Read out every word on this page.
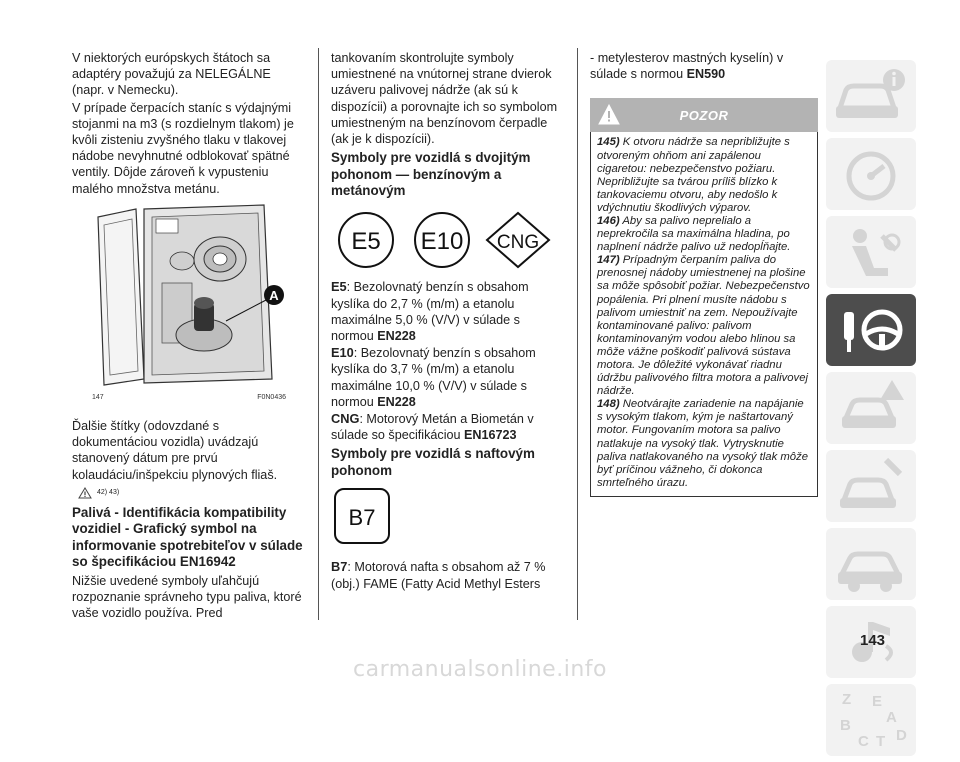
V niektorých európskych štátoch sa adaptéry považujú za NELEGÁLNE (napr. v Nemecku).

V prípade čerpacích staníc s výdajnými stojanmi na m3 (s rozdielnym tlakom) je kvôli zisteniu zvyšného tlaku v tlakovej nádobe nevyhnutné odblokovať spätné ventily. Dôjde zároveň k vypusteniu malého množstva metánu.

A
147	F0N0436

Ďalšie štítky (odovzdané s dokumentáciou vozidla) uvádzajú stanovený dátum pre prvú kolaudáciu/inšpekciu plynových fliaš.

42) 43)
Palivá - Identifikácia kompatibility vozidiel - Grafický symbol na informovanie spotrebiteľov v súlade so špecifikáciou EN16942

Nižšie uvedené symboly uľahčujú rozpoznanie správneho typu paliva, ktoré vaše vozidlo používa. Pred

tankovaním skontrolujte symboly umiestnené na vnútornej strane dvierok uzáveru palivovej nádrže (ak sú k dispozícii) a porovnajte ich so symbolom umiestneným na benzínovom čerpadle (ak je k dispozícii).

Symboly pre vozidlá s dvojitým pohonom — benzínovým a metánovým
E5 E10 CNG

E5: Bezolovnatý benzín s obsahom kyslíka do 2,7 % (m/m) a etanolu maximálne 5,0 % (V/V) v súlade s normou EN228

E10: Bezolovnatý benzín s obsahom kyslíka do 3,7 % (m/m) a etanolu maximálne 10,0 % (V/V) v súlade s normou EN228

CNG: Motorový Metán a Biometán v súlade so špecifikáciou EN16723

Symboly pre vozidlá s naftovým pohonom
B7

B7: Motorová nafta s obsahom až 7 % (obj.) FAME (Fatty Acid Methyl Esters

- metylesterov mastných kyselín) v súlade s normou EN590

POZOR

145) K otvoru nádrže sa nepribližujte s otvoreným ohňom ani zapálenou cigaretou: nebezpečenstvo požiaru. Nepribližujte sa tvárou príliš blízko k tankovaciemu otvoru, aby nedošlo k vdýchnutiu škodlivých výparov.

146) Aby sa palivo neprelialo a neprekročila sa maximálna hladina, po naplnení nádrže palivo už nedopĺňajte.

147) Prípadným čerpaním paliva do prenosnej nádoby umiestnenej na plošine sa môže spôsobiť požiar. Nebezpečenstvo popálenia. Pri plnení musíte nádobu s palivom umiestniť na zem. Nepoužívajte kontaminované palivo: palivom kontaminovaným vodou alebo hlinou sa môže vážne poškodiť palivová sústava motora. Je dôležité vykonávať riadnu údržbu palivového filtra motora a palivovej nádrže.

148) Neotvárajte zariadenie na napájanie s vysokým tlakom, kým je naštartovaný motor. Fungovaním motora sa palivo natlakuje na vysoký tlak. Vytrysknutie paliva natlakovaného na vysoký tlak môže byť príčinou vážneho, či dokonca smrteľného úrazu.

Z E
A
B
C T D
143
carmanualsonline.info
